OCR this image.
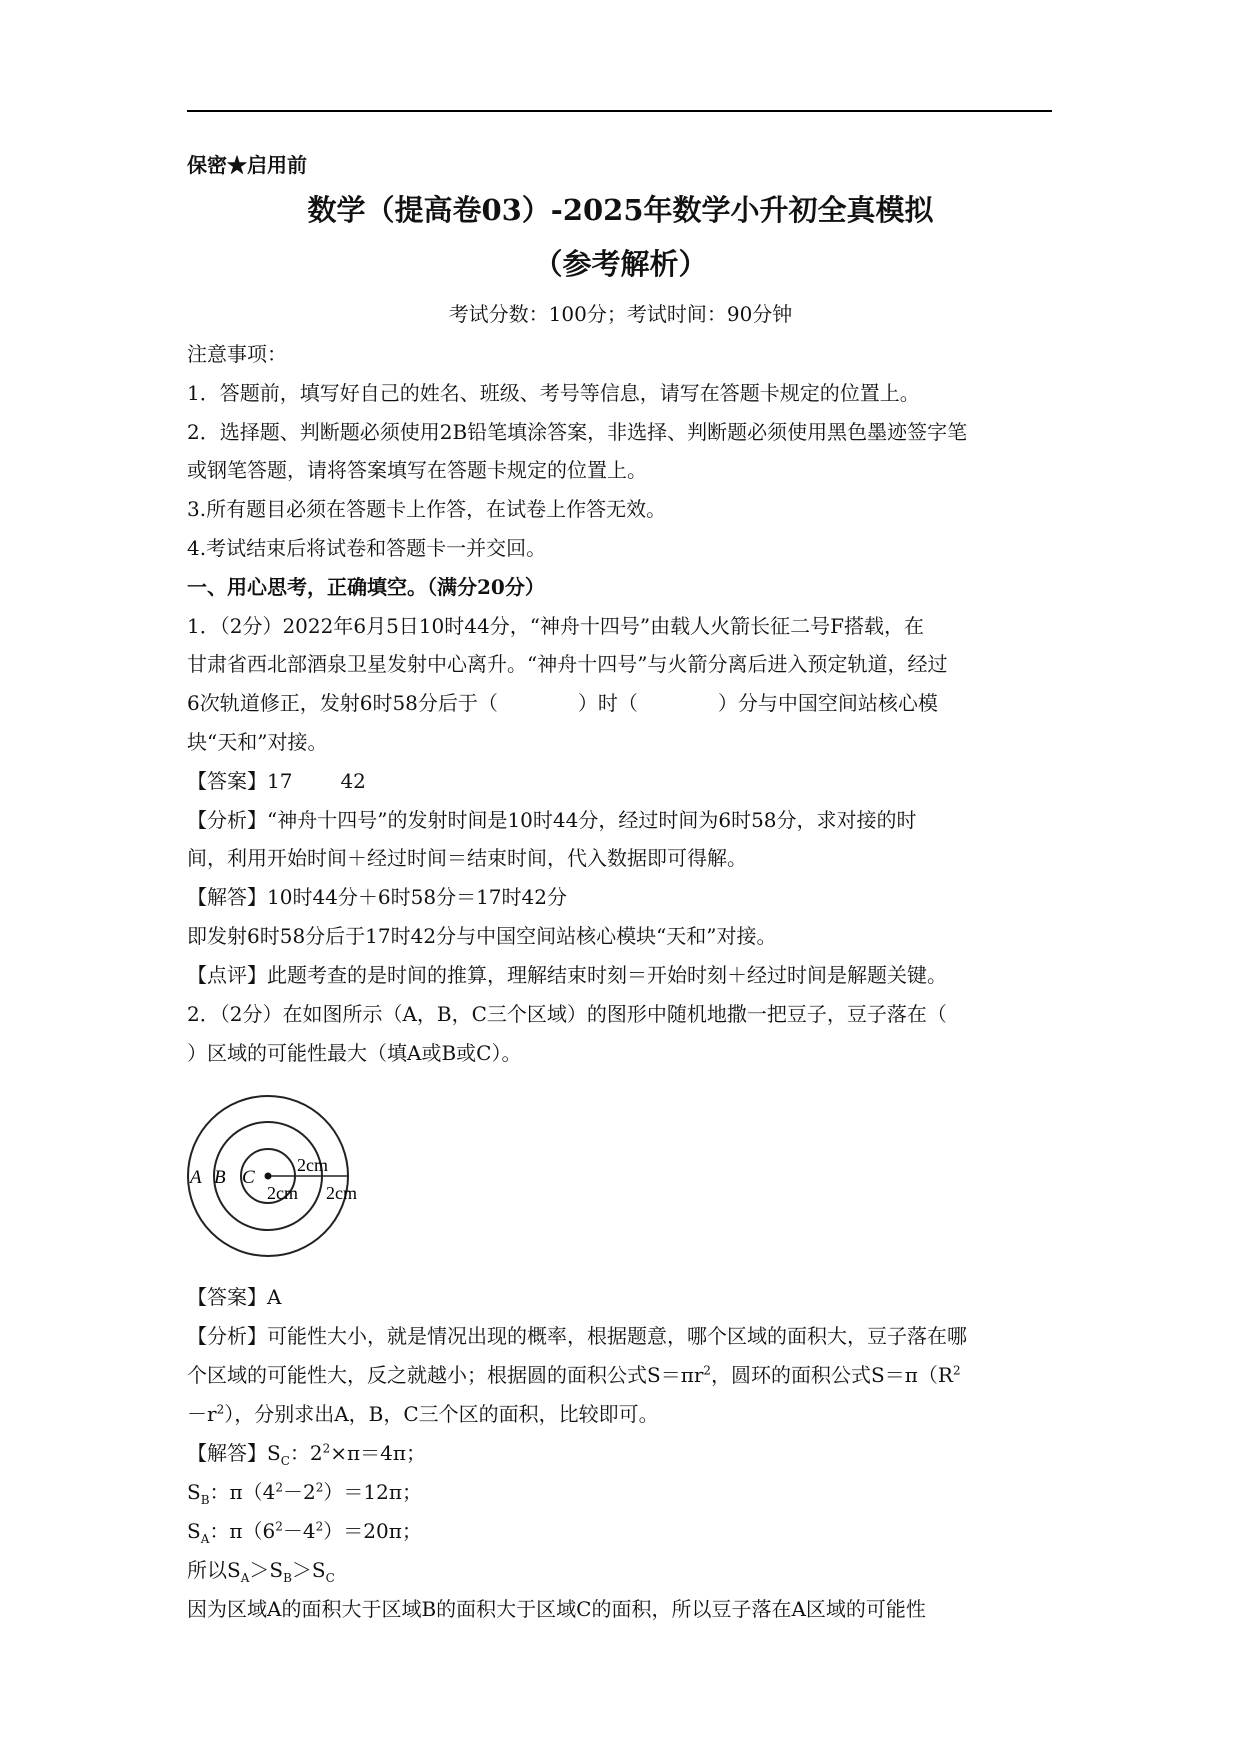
保密★启用前
数学（提高卷03）-2025年数学小升初全真模拟
（参考解析）
考试分数：100分；考试时间：90分钟
注意事项：
1．答题前，填写好自己的姓名、班级、考号等信息，请写在答题卡规定的位置上。
2．选择题、判断题必须使用2B铅笔填涂答案，非选择、判断题必须使用黑色墨迹签字笔
或钢笔答题，请将答案填写在答题卡规定的位置上。
3.所有题目必须在答题卡上作答，在试卷上作答无效。
4.考试结束后将试卷和答题卡一并交回。
一、用心思考，正确填空。（满分20分）
1．（2分）2022年6月5日10时44分，“神舟十四号”由载人火箭长征二号F搭载，在
甘肃省西北部酒泉卫星发射中心离升。“神舟十四号”与火箭分离后进入预定轨道，经过
6次轨道修正，发射6时58分后于（	）时（	）分与中国空间站核心模
块“天和”对接。
【答案】17 42
【分析】“神舟十四号”的发射时间是10时44分，经过时间为6时58分，求对接的时
间，利用开始时间＋经过时间＝结束时间，代入数据即可得解。
【解答】10时44分＋6时58分＝17时42分
即发射6时58分后于17时42分与中国空间站核心模块“天和”对接。
【点评】此题考查的是时间的推算，理解结束时刻＝开始时刻＋经过时间是解题关键。
2．（2分）在如图所示（A，B，C三个区域）的图形中随机地撒一把豆子，豆子落在（
）区域的可能性最大（填A或B或C）。
A B C
2cm
2cm 2cm
【答案】A
【分析】可能性大小，就是情况出现的概率，根据题意，哪个区域的面积大，豆子落在哪
个区域的可能性大，反之就越小；根据圆的面积公式$S=\pi r^2$，圆环的面积公式$S=\pi(R^2$
$-r^2$），分别求出A，B，C三个区的面积，比较即可。
【解答】$S_C$：$2^2\times\pi=4\pi$；
$S_B$：$\pi(4^2-2^2)=12\pi$；
$S_A$：$\pi(6^2-4^2)=20\pi$；
所以$S_A>S_B>S_C$
因为区域A的面积大于区域B的面积大于区域C的面积，所以豆子落在A区域的可能性
